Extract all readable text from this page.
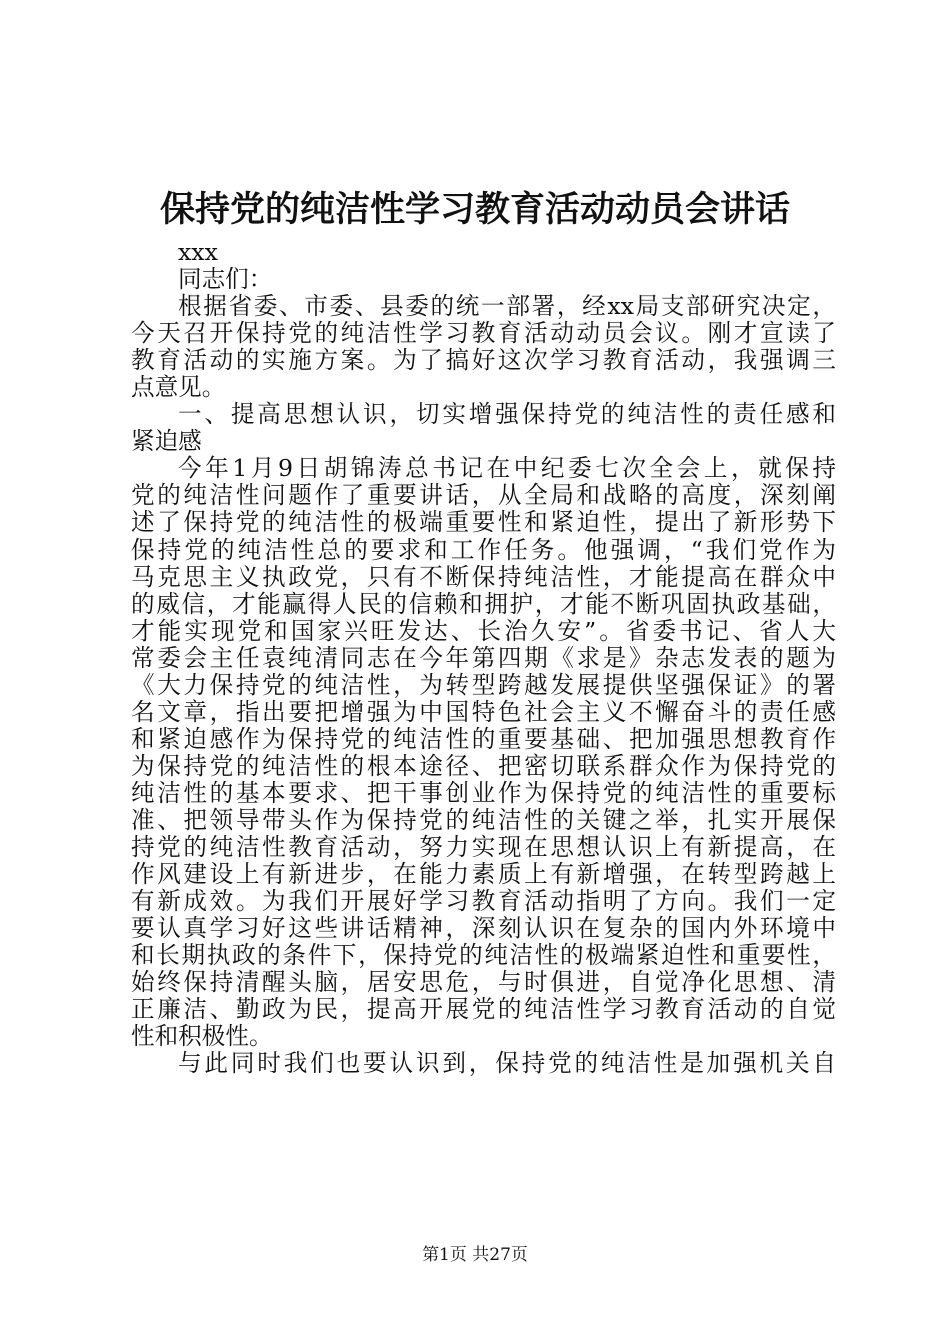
保持党的纯洁性学习教育活动动员会讲话
xxx
同志们：
根据省委、市委、县委的统一部署，经xx局支部研究决定，
今天召开保持党的纯洁性学习教育活动动员会议。刚才宣读了
教育活动的实施方案。为了搞好这次学习教育活动，我强调三
点意见。
一、提高思想认识，切实增强保持党的纯洁性的责任感和
紧迫感
今年1月9日胡锦涛总书记在中纪委七次全会上，就保持
党的纯洁性问题作了重要讲话，从全局和战略的高度，深刻阐
述了保持党的纯洁性的极端重要性和紧迫性，提出了新形势下
保持党的纯洁性总的要求和工作任务。他强调，“我们党作为
马克思主义执政党，只有不断保持纯洁性，才能提高在群众中
的威信，才能赢得人民的信赖和拥护，才能不断巩固执政基础，
才能实现党和国家兴旺发达、长治久安”。省委书记、省人大
常委会主任袁纯清同志在今年第四期《求是》杂志发表的题为
《大力保持党的纯洁性，为转型跨越发展提供坚强保证》的署
名文章，指出要把增强为中国特色社会主义不懈奋斗的责任感
和紧迫感作为保持党的纯洁性的重要基础、把加强思想教育作
为保持党的纯洁性的根本途径、把密切联系群众作为保持党的
纯洁性的基本要求、把干事创业作为保持党的纯洁性的重要标
准、把领导带头作为保持党的纯洁性的关键之举，扎实开展保
持党的纯洁性教育活动，努力实现在思想认识上有新提高，在
作风建设上有新进步，在能力素质上有新增强，在转型跨越上
有新成效。为我们开展好学习教育活动指明了方向。我们一定
要认真学习好这些讲话精神，深刻认识在复杂的国内外环境中
和长期执政的条件下，保持党的纯洁性的极端紧迫性和重要性，
始终保持清醒头脑，居安思危，与时俱进，自觉净化思想、清
正廉洁、勤政为民，提高开展党的纯洁性学习教育活动的自觉
性和积极性。
与此同时我们也要认识到，保持党的纯洁性是加强机关自
第1页 共27页
